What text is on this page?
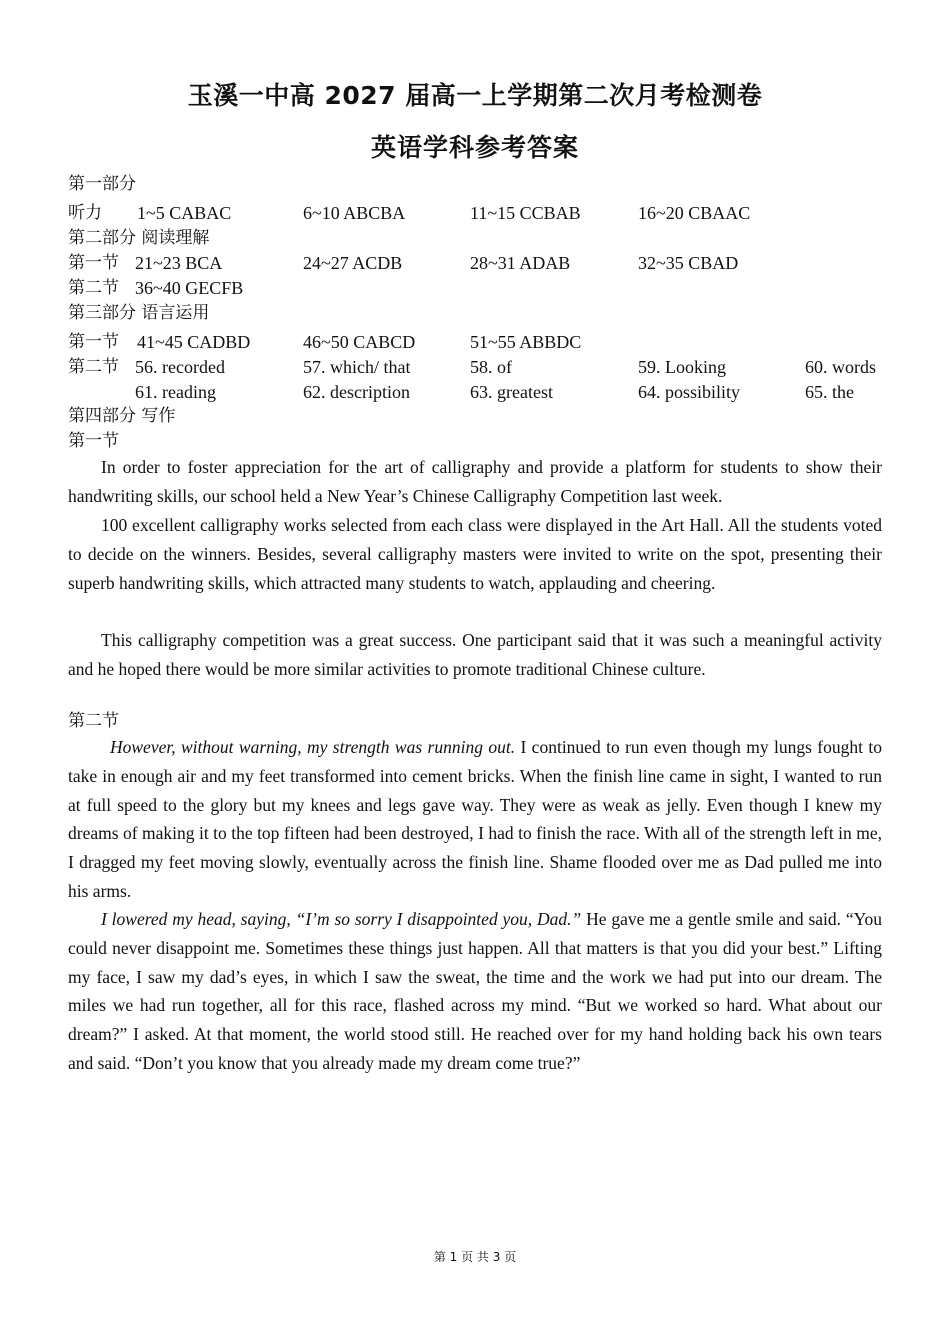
玉溪一中高 2027 届高一上学期第二次月考检测卷
英语学科参考答案
第一部分
听力 1~5 CABAC	6~10 ABCBA	11~15 CCBAB	16~20 CBAAC
第二部分 阅读理解
第一节 21~23 BCA	24~27 ACDB	28~31 ADAB	32~35 CBAD
第二节 36~40 GECFB
第三部分 语言运用
第一节 41~45 CADBD	46~50 CABCD	51~55 ABBDC
第二节 56. recorded	57. which/ that	58. of	59. Looking	60. words
61. reading	62. description	63. greatest	64. possibility	65. the
第四部分 写作
第一节

In order to foster appreciation for the art of calligraphy and provide a platform for students to show their handwriting skills, our school held a New Year’s Chinese Calligraphy Competition last week.

100 excellent calligraphy works selected from each class were displayed in the Art Hall. All the students voted to decide on the winners. Besides, several calligraphy masters were invited to write on the spot, presenting their superb handwriting skills, which attracted many students to watch, applauding and cheering.

This calligraphy competition was a great success. One participant said that it was such a meaningful activity and he hoped there would be more similar activities to promote traditional Chinese culture.

第二节

However, without warning, my strength was running out. I continued to run even though my lungs fought to take in enough air and my feet transformed into cement bricks. When the finish line came in sight, I wanted to run at full speed to the glory but my knees and legs gave way. They were as weak as jelly. Even though I knew my dreams of making it to the top fifteen had been destroyed, I had to finish the race. With all of the strength left in me, I dragged my feet moving slowly, eventually across the finish line. Shame flooded over me as Dad pulled me into his arms.

I lowered my head, saying, “I’m so sorry I disappointed you, Dad.” He gave me a gentle smile and said. “You could never disappoint me. Sometimes these things just happen. All that matters is that you did your best.” Lifting my face, I saw my dad’s eyes, in which I saw the sweat, the time and the work we had put into our dream. The miles we had run together, all for this race, flashed across my mind. “But we worked so hard. What about our dream?” I asked. At that moment, the world stood still. He reached over for my hand holding back his own tears and said. “Don’t you know that you already made my dream come true?”

第 1 页 共 3 页
